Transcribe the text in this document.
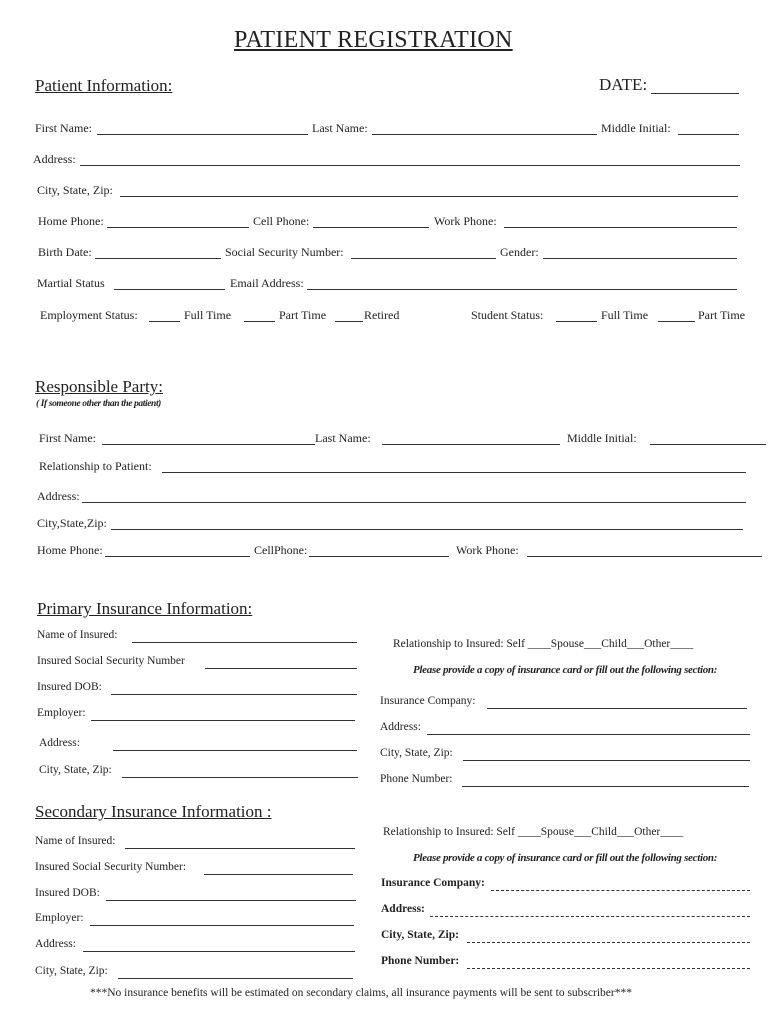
PATIENT REGISTRATION
Patient Information:	DATE:
First Name:	Last Name:	Middle Initial:
Address:
City, State, Zip:
Home Phone:	Cell Phone:	Work Phone:
Birth Date:	Social Security Number:	Gender:
Martial Status	Email Address:
Employment Status:	Full Time	Part Time	Retired	Student Status:	Full Time	Part Time
Responsible Party:
( If someone other than the patient)
First Name:	Last Name:	Middle Initial:
Relationship to Patient:
Address:
City,State,Zip:
Home Phone:	CellPhone:	Work Phone:
Primary Insurance Information:
Name of Insured:
Insured Social Security Number
Insured DOB:
Employer:
Address:
City, State, Zip:
Relationship to Insured: Self ____Spouse___Child___Other____
Please provide a copy of insurance card or fill out the following section:
Insurance Company:
Address:
City, State, Zip:
Phone Number:
Secondary Insurance Information :
Name of Insured:
Insured Social Security Number:
Insured DOB:
Employer:
Address:
City, State, Zip:
Relationship to Insured: Self ____Spouse___Child___Other____
Please provide a copy of insurance card or fill out the following section:
Insurance Company:
Address:
City, State, Zip:
Phone Number:
***No insurance benefits will be estimated on secondary claims, all insurance payments will be sent to subscriber***
